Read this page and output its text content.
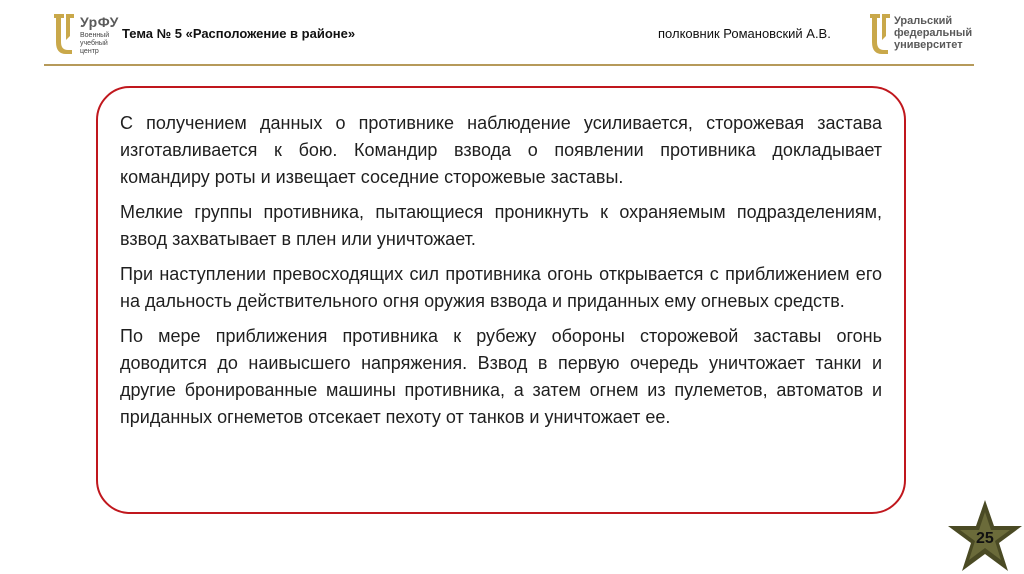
УрФУ
Военный учебный центр
Тема № 5 «Расположение в районе»	полковник Романовский А.В.
Уральский федеральный университет

С получением данных о противнике наблюдение усиливается, сторожевая застава изготавливается к бою. Командир взвода о появлении противника докладывает командиру роты и извещает соседние сторожевые заставы.

Мелкие группы противника, пытающиеся проникнуть к охраняемым подразделениям, взвод захватывает в плен или уничтожает.

При наступлении превосходящих сил противника огонь открывается с приближением его на дальность действительного огня оружия взвода и приданных ему огневых средств.

По мере приближения противника к рубежу обороны сторожевой заставы огонь доводится до наивысшего напряжения. Взвод в первую очередь уничтожает танки и другие бронированные машины противника, а затем огнем из пулеметов, автоматов и приданных огнеметов отсекает пехоту от танков и уничтожает ее.

25
